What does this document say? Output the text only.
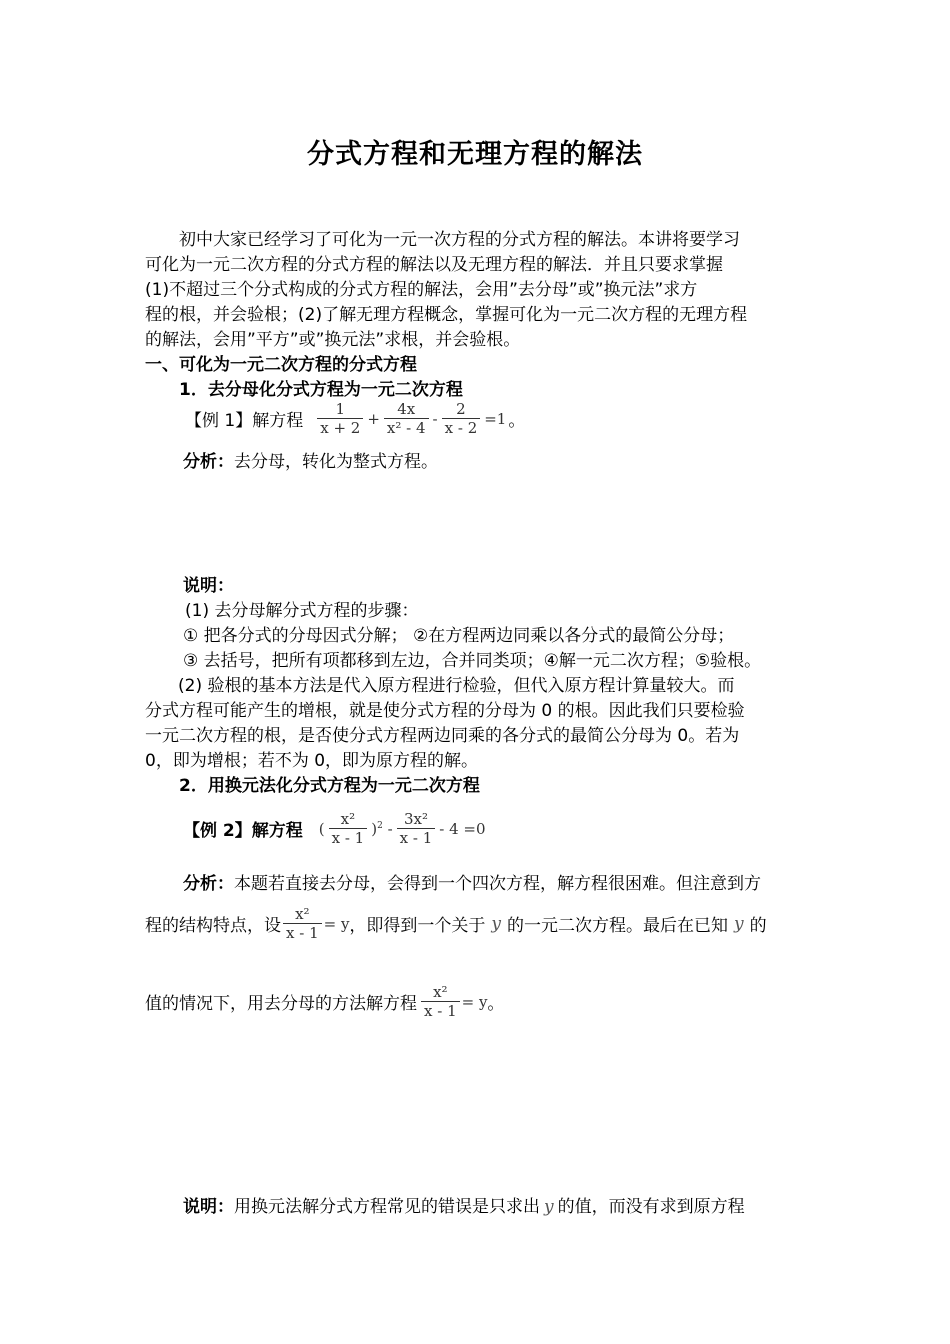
分式方程和无理方程的解法
初中大家已经学习了可化为一元一次方程的分式方程的解法。本讲将要学习
可化为一元二次方程的分式方程的解法以及无理方程的解法．并且只要求掌握
(1)不超过三个分式构成的分式方程的解法，会用”去分母”或”换元法”求方
程的根，并会验根；(2)了解无理方程概念，掌握可化为一元二次方程的无理方程
的解法，会用”平方”或”换元法”求根，并会验根。
一、可化为一元二次方程的分式方程
1．去分母化分式方程为一元二次方程
【例 1】解方程 $\frac{1}{x + 2} + \frac{4x}{\text{x² - 4}} - \frac{2}{x - 2} =1$ 。
分析：去分母，转化为整式方程。
说明：
(1) 去分母解分式方程的步骤：
① 把各分式的分母因式分解； ②在方程两边同乘以各分式的最简公分母；
③ 去括号，把所有项都移到左边，合并同类项；④解一元二次方程；⑤验根。
(2) 验根的基本方法是代入原方程进行检验，但代入原方程计算量较大。而
分式方程可能产生的增根，就是使分式方程的分母为 0 的根。因此我们只要检验
一元二次方程的根，是否使分式方程两边同乘的各分式的最简公分母为 0。若为
0，即为增根；若不为 0，即为原方程的解。
2．用换元法化分式方程为一元二次方程
【例 2】解方程 ( $\frac{\text{x²}}{x - 1} )^2 - \frac{\text{3x²}}{x - 1} - 4 =0$
分析：本题若直接去分母，会得到一个四次方程，解方程很困难。但注意到方
程的结构特点，设 $\frac{\text{x²}}{x - 1} = y$ ，即得到一个关于 y 的一元二次方程。最后在已知 y 的
值的情况下，用去分母的方法解方程 $\frac{\text{x²}}{x - 1} = y$ 。
说明：用换元法解分式方程常见的错误是只求出 y 的值，而没有求到原方程
